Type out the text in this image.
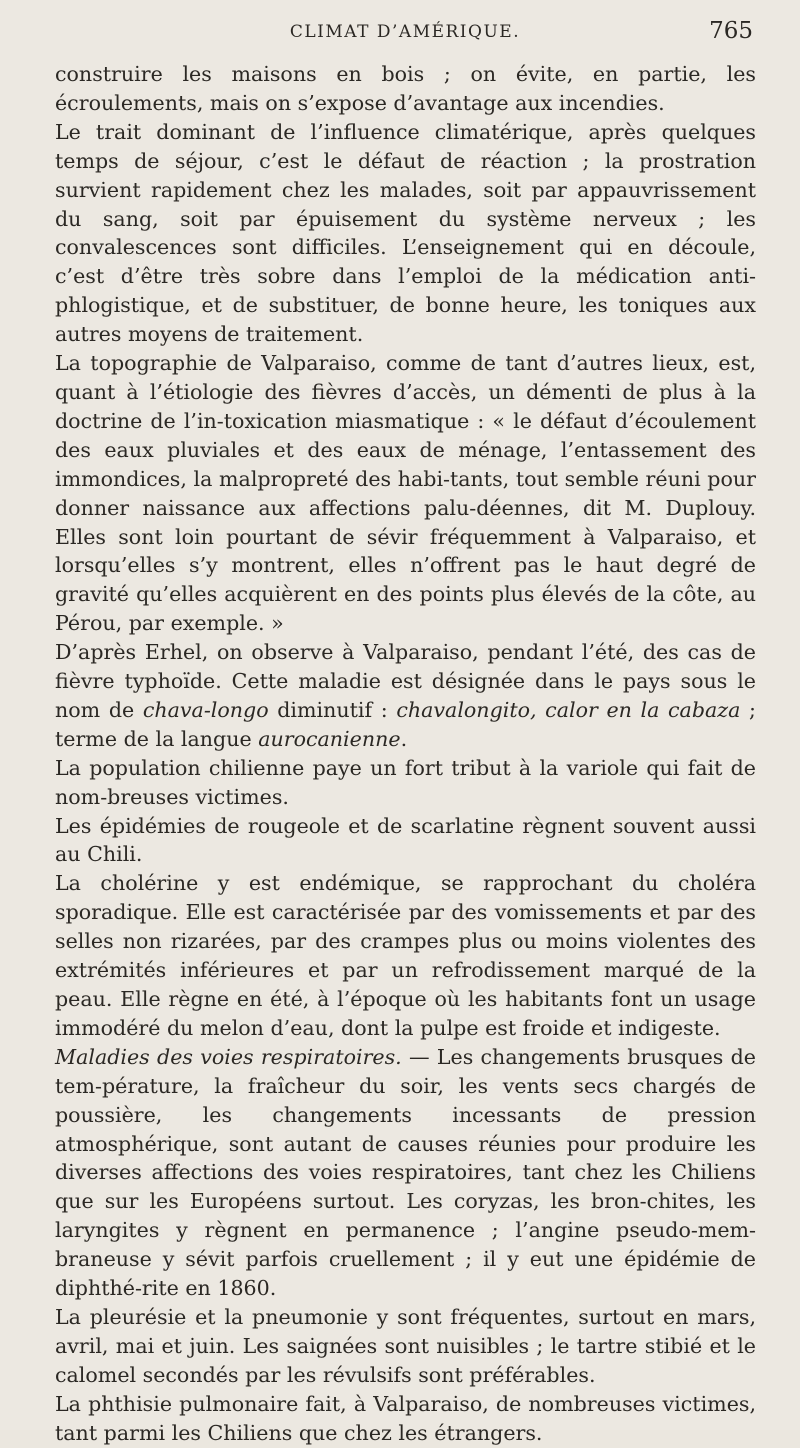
CLIMAT D’AMÉRIQUE.	765

construire les maisons en bois ; on évite, en partie, les écroulements, mais on s’expose d’avantage aux incendies.

Le trait dominant de l’influence climatérique, après quelques temps de séjour, c’est le défaut de réaction ; la prostration survient rapidement chez les malades, soit par appauvrissement du sang, soit par épuisement du système nerveux ; les convalescences sont difficiles. L’enseignement qui en découle, c’est d’être très sobre dans l’emploi de la médication anti-phlogistique, et de substituer, de bonne heure, les toniques aux autres moyens de traitement.

La topographie de Valparaiso, comme de tant d’autres lieux, est, quant à l’étiologie des fièvres d’accès, un démenti de plus à la doctrine de l’in-toxication miasmatique : « le défaut d’écoulement des eaux pluviales et des eaux de ménage, l’entassement des immondices, la malpropreté des habi-tants, tout semble réuni pour donner naissance aux affections palu-déennes, dit M. Duplouy. Elles sont loin pourtant de sévir fréquemment à Valparaiso, et lorsqu’elles s’y montrent, elles n’offrent pas le haut degré de gravité qu’elles acquièrent en des points plus élevés de la côte, au Pérou, par exemple. »

D’après Erhel, on observe à Valparaiso, pendant l’été, des cas de fièvre typhoïde. Cette maladie est désignée dans le pays sous le nom de chava-longo diminutif : chavalongito, calor en la cabaza ; terme de la langue aurocanienne.

La population chilienne paye un fort tribut à la variole qui fait de nom-breuses victimes.

Les épidémies de rougeole et de scarlatine règnent souvent aussi au Chili.

La cholérine y est endémique, se rapprochant du choléra sporadique. Elle est caractérisée par des vomissements et par des selles non rizarées, par des crampes plus ou moins violentes des extrémités inférieures et par un refrodissement marqué de la peau. Elle règne en été, à l’époque où les habitants font un usage immodéré du melon d’eau, dont la pulpe est froide et indigeste.

Maladies des voies respiratoires. — Les changements brusques de tem-pérature, la fraîcheur du soir, les vents secs chargés de poussière, les changements incessants de pression atmosphérique, sont autant de causes réunies pour produire les diverses affections des voies respiratoires, tant chez les Chiliens que sur les Européens surtout. Les coryzas, les bron-chites, les laryngites y règnent en permanence ; l’angine pseudo-mem-braneuse y sévit parfois cruellement ; il y eut une épidémie de diphthé-rite en 1860.

La pleurésie et la pneumonie y sont fréquentes, surtout en mars, avril, mai et juin. Les saignées sont nuisibles ; le tartre stibié et le calomel secondés par les révulsifs sont préférables.

La phthisie pulmonaire fait, à Valparaiso, de nombreuses victimes, tant parmi les Chiliens que chez les étrangers.
